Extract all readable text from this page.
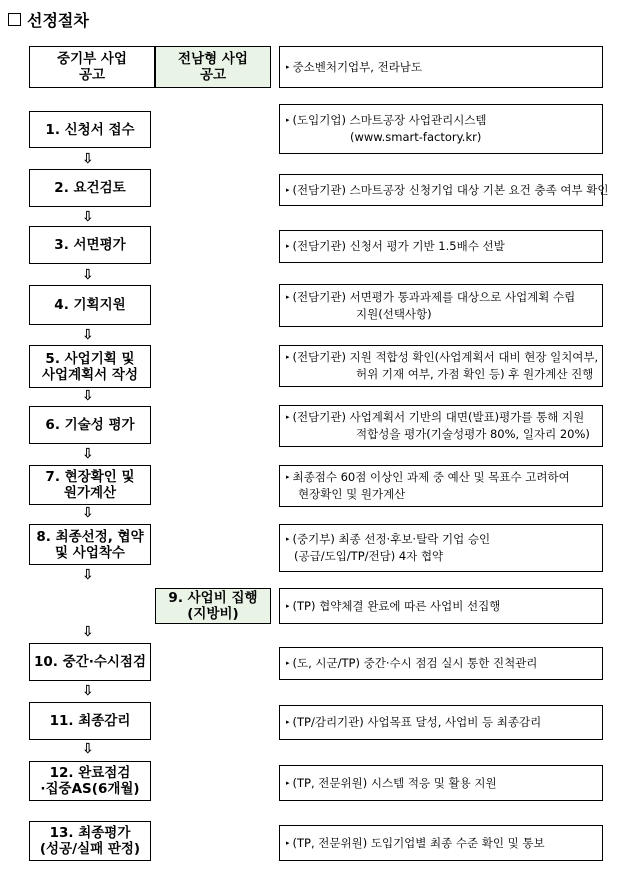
선정절차
중기부 사업
공고
전남형 사업
공고
▸ 중소벤처기업부, 전라남도
1. 신청서 접수
▸ (도입기업) 스마트공장 사업관리시스템
(www.smart-factory.kr)
⇩
2. 요건검토	▸ (전담기관) 스마트공장 신청기업 대상 기본 요건 충족 여부 확인
⇩
3. 서면평가	▸ (전담기관) 신청서 평가 기반 1.5배수 선발
⇩
4. 기획지원
▸ (전담기관) 서면평가 통과과제를 대상으로 사업계획 수립
지원(선택사항)
⇩
5. 사업기획 및
사업계획서 작성
▸ (전담기관) 지원 적합성 확인(사업계획서 대비 현장 일치여부,
허위 기재 여부, 가점 확인 등) 후 원가계산 진행
⇩
6. 기술성 평가	▸ (전담기관) 사업계획서 기반의 대면(발표)평가를 통해 지원
적합성을 평가(기술성평가 80%, 일자리 20%)
⇩
7. 현장확인 및
원가계산
▸ 최종점수 60점 이상인 과제 중 예산 및 목표수 고려하여
현장확인 및 원가계산
⇩
8. 최종선정, 협약
및 사업착수
▸ (중기부) 최종 선정·후보·탈락 기업 승인
(공급/도입/TP/전담) 4자 협약
⇩
9. 사업비 집행
(지방비)
▸ (TP) 협약체결 완료에 따른 사업비 선집행
⇩
10. 중간·수시점검	▸ (도, 시군/TP) 중간·수시 점검 실시 통한 진척관리
⇩
11. 최종감리	▸ (TP/감리기관) 사업목표 달성, 사업비 등 최종감리
⇩
12. 완료점검
·집중AS(6개월)	▸ (TP, 전문위원) 시스템 적응 및 활용 지원
13. 최종평가
(성공/실패 판정)	▸ (TP, 전문위원) 도입기업별 최종 수준 확인 및 통보
